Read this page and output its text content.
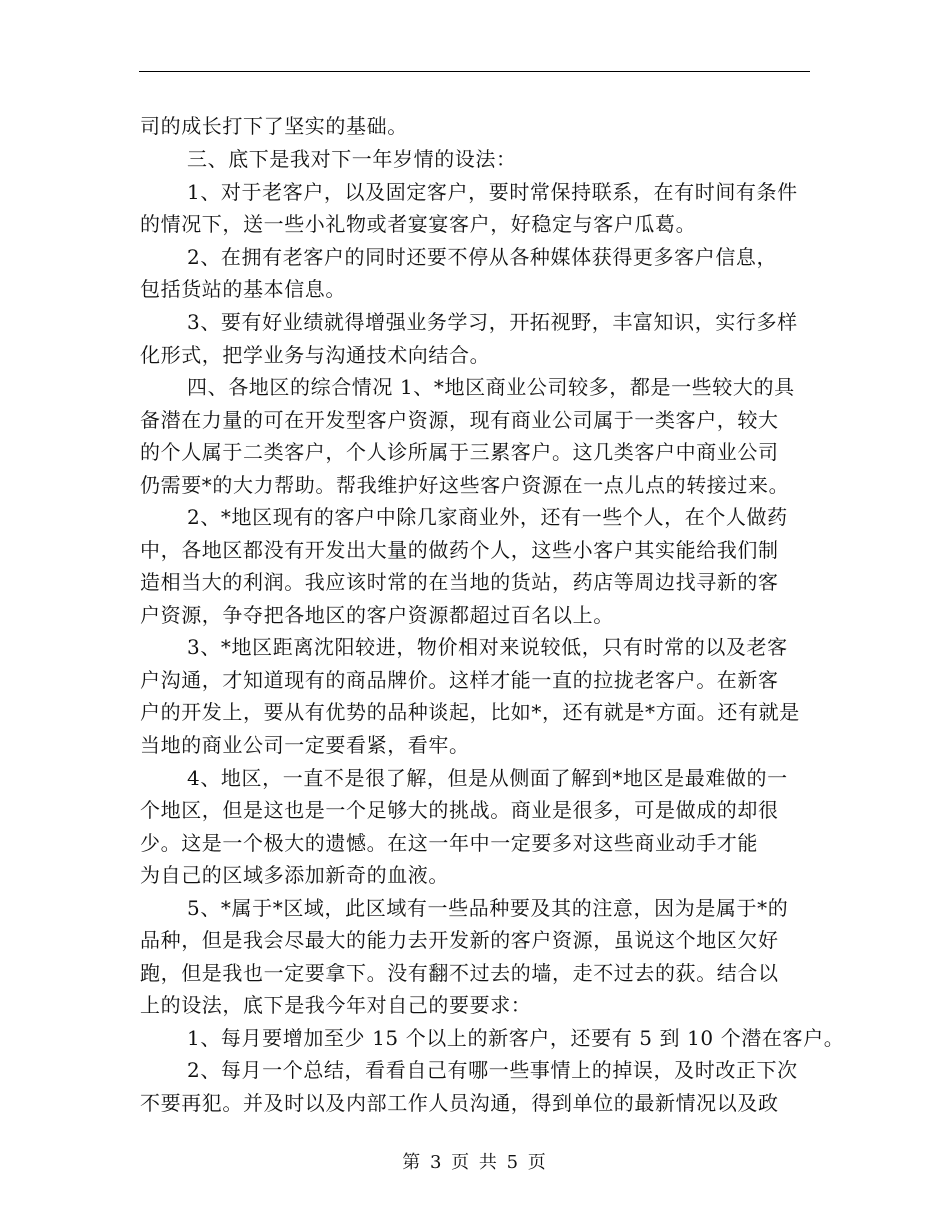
司的成长打下了坚实的基础。
三、底下是我对下一年岁情的设法：
1、对于老客户，以及固定客户，要时常保持联系，在有时间有条件
的情况下，送一些小礼物或者宴宴客户，好稳定与客户瓜葛。
2、在拥有老客户的同时还要不停从各种媒体获得更多客户信息，
包括货站的基本信息。
3、要有好业绩就得增强业务学习，开拓视野，丰富知识，实行多样
化形式，把学业务与沟通技术向结合。
四、各地区的综合情况 1、*地区商业公司较多，都是一些较大的具
备潜在力量的可在开发型客户资源，现有商业公司属于一类客户，较大
的个人属于二类客户，个人诊所属于三累客户。这几类客户中商业公司
仍需要*的大力帮助。帮我维护好这些客户资源在一点儿点的转接过来。
2、*地区现有的客户中除几家商业外，还有一些个人，在个人做药
中，各地区都没有开发出大量的做药个人，这些小客户其实能给我们制
造相当大的利润。我应该时常的在当地的货站，药店等周边找寻新的客
户资源，争夺把各地区的客户资源都超过百名以上。
3、*地区距离沈阳较进，物价相对来说较低，只有时常的以及老客
户沟通，才知道现有的商品牌价。这样才能一直的拉拢老客户。在新客
户的开发上，要从有优势的品种谈起，比如*，还有就是*方面。还有就是
当地的商业公司一定要看紧，看牢。
4、地区，一直不是很了解，但是从侧面了解到*地区是最难做的一
个地区，但是这也是一个足够大的挑战。商业是很多，可是做成的却很
少。这是一个极大的遗憾。在这一年中一定要多对这些商业动手才能
为自己的区域多添加新奇的血液。
5、*属于*区域，此区域有一些品种要及其的注意，因为是属于*的
品种，但是我会尽最大的能力去开发新的客户资源，虽说这个地区欠好
跑，但是我也一定要拿下。没有翻不过去的墙，走不过去的荻。结合以
上的设法，底下是我今年对自己的要要求：
1、每月要增加至少 15 个以上的新客户，还要有 5 到 10 个潜在客户。
2、每月一个总结，看看自己有哪一些事情上的掉误，及时改正下次
不要再犯。并及时以及内部工作人员沟通，得到单位的最新情况以及政
第 3 页 共 5 页
